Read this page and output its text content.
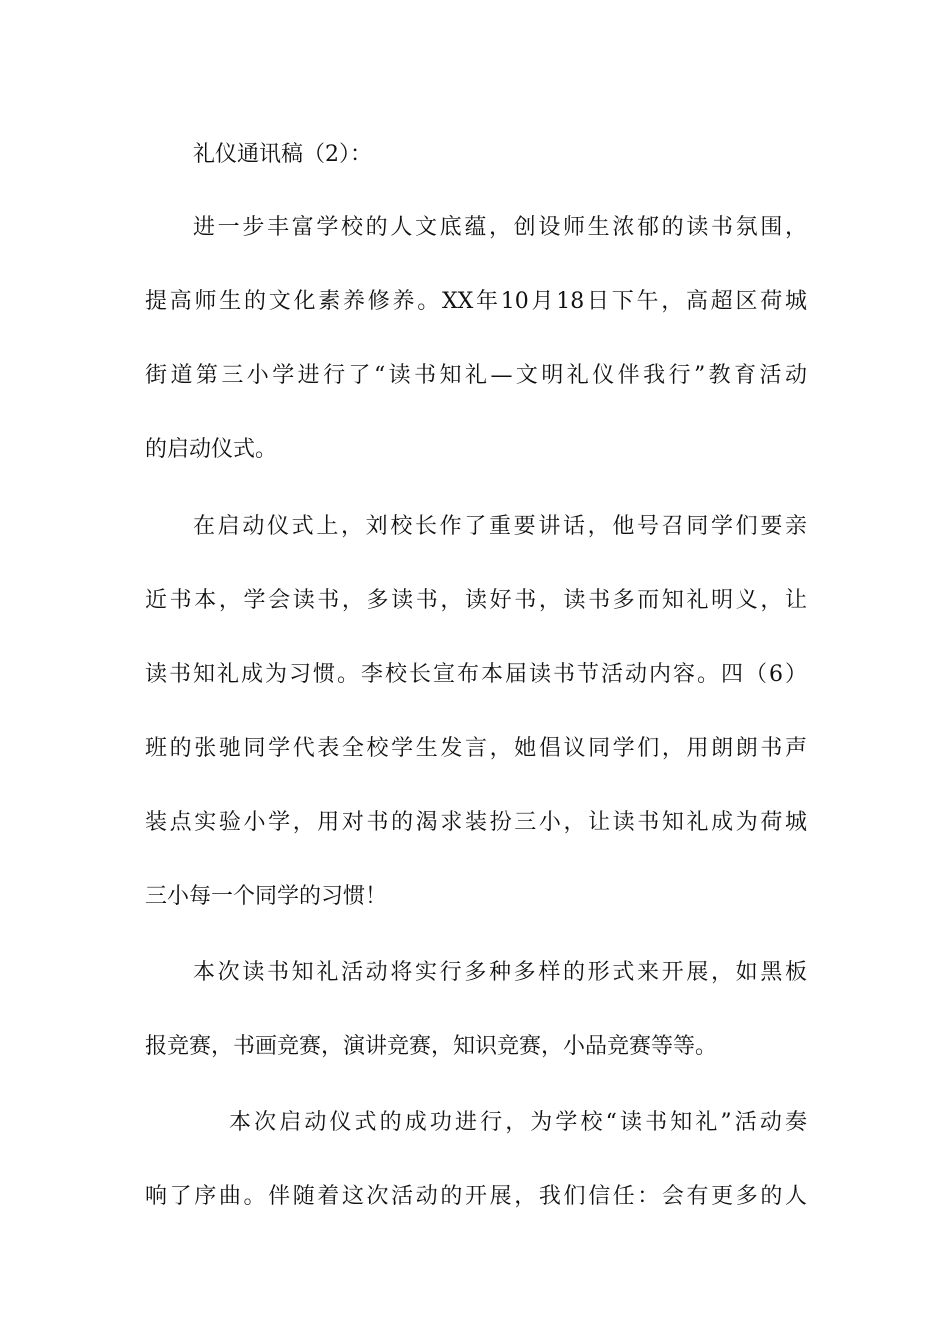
礼仪通讯稿（2）：
进一步丰富学校的人文底蕴，创设师生浓郁的读书氛围，
提高师生的文化素养修养。XX年10月18日下午，高超区荷城
街道第三小学进行了“读书知礼—文明礼仪伴我行”教育活动
的启动仪式。
在启动仪式上，刘校长作了重要讲话，他号召同学们要亲
近书本，学会读书，多读书，读好书，读书多而知礼明义，让
读书知礼成为习惯。李校长宣布本届读书节活动内容。四（6）
班的张驰同学代表全校学生发言，她倡议同学们，用朗朗书声
装点实验小学，用对书的渴求装扮三小，让读书知礼成为荷城
三小每一个同学的习惯！
本次读书知礼活动将实行多种多样的形式来开展，如黑板
报竞赛，书画竞赛，演讲竞赛，知识竞赛，小品竞赛等等。
本次启动仪式的成功进行，为学校“读书知礼”活动奏
响了序曲。伴随着这次活动的开展，我们信任：会有更多的人
